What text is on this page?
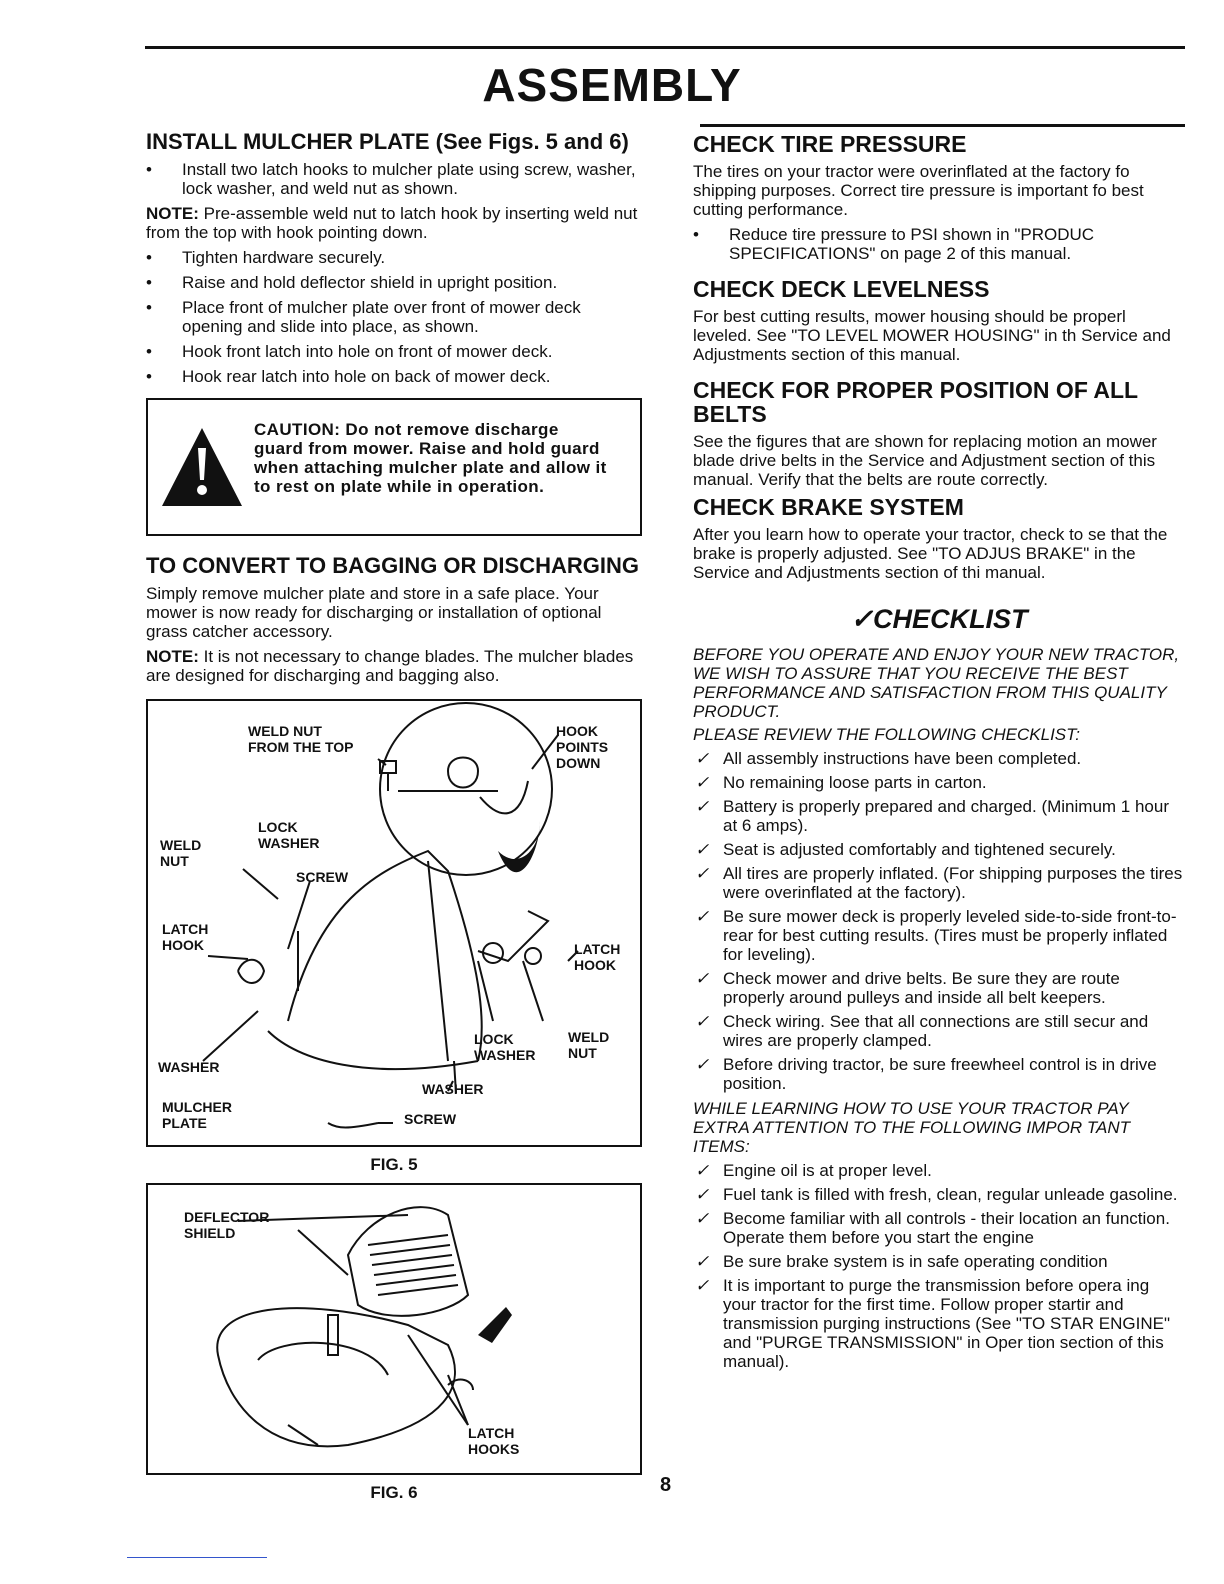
ASSEMBLY
INSTALL MULCHER PLATE (See Figs. 5 and 6)
• Install two latch hooks to mulcher plate using screw, washer, lock washer, and weld nut as shown.

NOTE: Pre-assemble weld nut to latch hook by inserting weld nut from the top with hook pointing down.

• Tighten hardware securely.
• Raise and hold deflector shield in upright position.
• Place front of mulcher plate over front of mower deck opening and slide into place, as shown.
• Hook front latch into hole on front of mower deck.
• Hook rear latch into hole on back of mower deck.
CAUTION: Do not remove discharge guard from mower. Raise and hold guard when attaching mulcher plate and allow it to rest on plate while in operation.
TO CONVERT TO BAGGING OR DISCHARGING

Simply remove mulcher plate and store in a safe place. Your mower is now ready for discharging or installation of optional grass catcher accessory.

NOTE: It is not necessary to change blades. The mulcher blades are designed for discharging and bagging also.

WELD NUT
FROM THE TOP
HOOK
POINTS
DOWN
LOCK
WASHER
WELD
NUT
SCREW
LATCH
HOOK	LATCH
HOOK
LOCK
WASHER
WELD
NUT
WASHER
WASHER
MULCHER
PLATE	SCREW
FIG. 5
DEFLECTOR
SHIELD
LATCH
HOOKS
FIG. 6
CHECK TIRE PRESSURE

The tires on your tractor were overinflated at the factory fo shipping purposes. Correct tire pressure is important fo best cutting performance.

• Reduce tire pressure to PSI shown in "PRODUC SPECIFICATIONS" on page 2 of this manual.
CHECK DECK LEVELNESS

For best cutting results, mower housing should be properl leveled. See "TO LEVEL MOWER HOUSING" in th Service and Adjustments section of this manual.

CHECK FOR PROPER POSITION OF ALL BELTS

See the figures that are shown for replacing motion an mower blade drive belts in the Service and Adjustment section of this manual. Verify that the belts are route correctly.

CHECK BRAKE SYSTEM

After you learn how to operate your tractor, check to se that the brake is properly adjusted. See "TO ADJUS BRAKE" in the Service and Adjustments section of thi manual.

✓CHECKLIST

BEFORE YOU OPERATE AND ENJOY YOUR NEW TRACTOR, WE WISH TO ASSURE THAT YOU RECEIVE THE BEST PERFORMANCE AND SATISFACTION FROM THIS QUALITY PRODUCT.

PLEASE REVIEW THE FOLLOWING CHECKLIST:

✓ All assembly instructions have been completed.
✓ No remaining loose parts in carton.
✓ Battery is properly prepared and charged. (Minimum 1 hour at 6 amps).
✓ Seat is adjusted comfortably and tightened securely.
✓ All tires are properly inflated. (For shipping purposes the tires were overinflated at the factory).
✓ Be sure mower deck is properly leveled side-to-side front-to-rear for best cutting results. (Tires must be properly inflated for leveling).
✓ Check mower and drive belts. Be sure they are route properly around pulleys and inside all belt keepers.
✓ Check wiring. See that all connections are still secur and wires are properly clamped.
✓ Before driving tractor, be sure freewheel control is in drive position.

WHILE LEARNING HOW TO USE YOUR TRACTOR PAY EXTRA ATTENTION TO THE FOLLOWING IMPOR TANT ITEMS:

✓ Engine oil is at proper level.
✓ Fuel tank is filled with fresh, clean, regular unleade gasoline.
✓ Become familiar with all controls - their location an function. Operate them before you start the engine
✓ Be sure brake system is in safe operating condition
✓ It is important to purge the transmission before opera ing your tractor for the first time. Follow proper startir and transmission purging instructions (See "TO STAR ENGINE" and "PURGE TRANSMISSION" in Oper tion section of this manual).
8
